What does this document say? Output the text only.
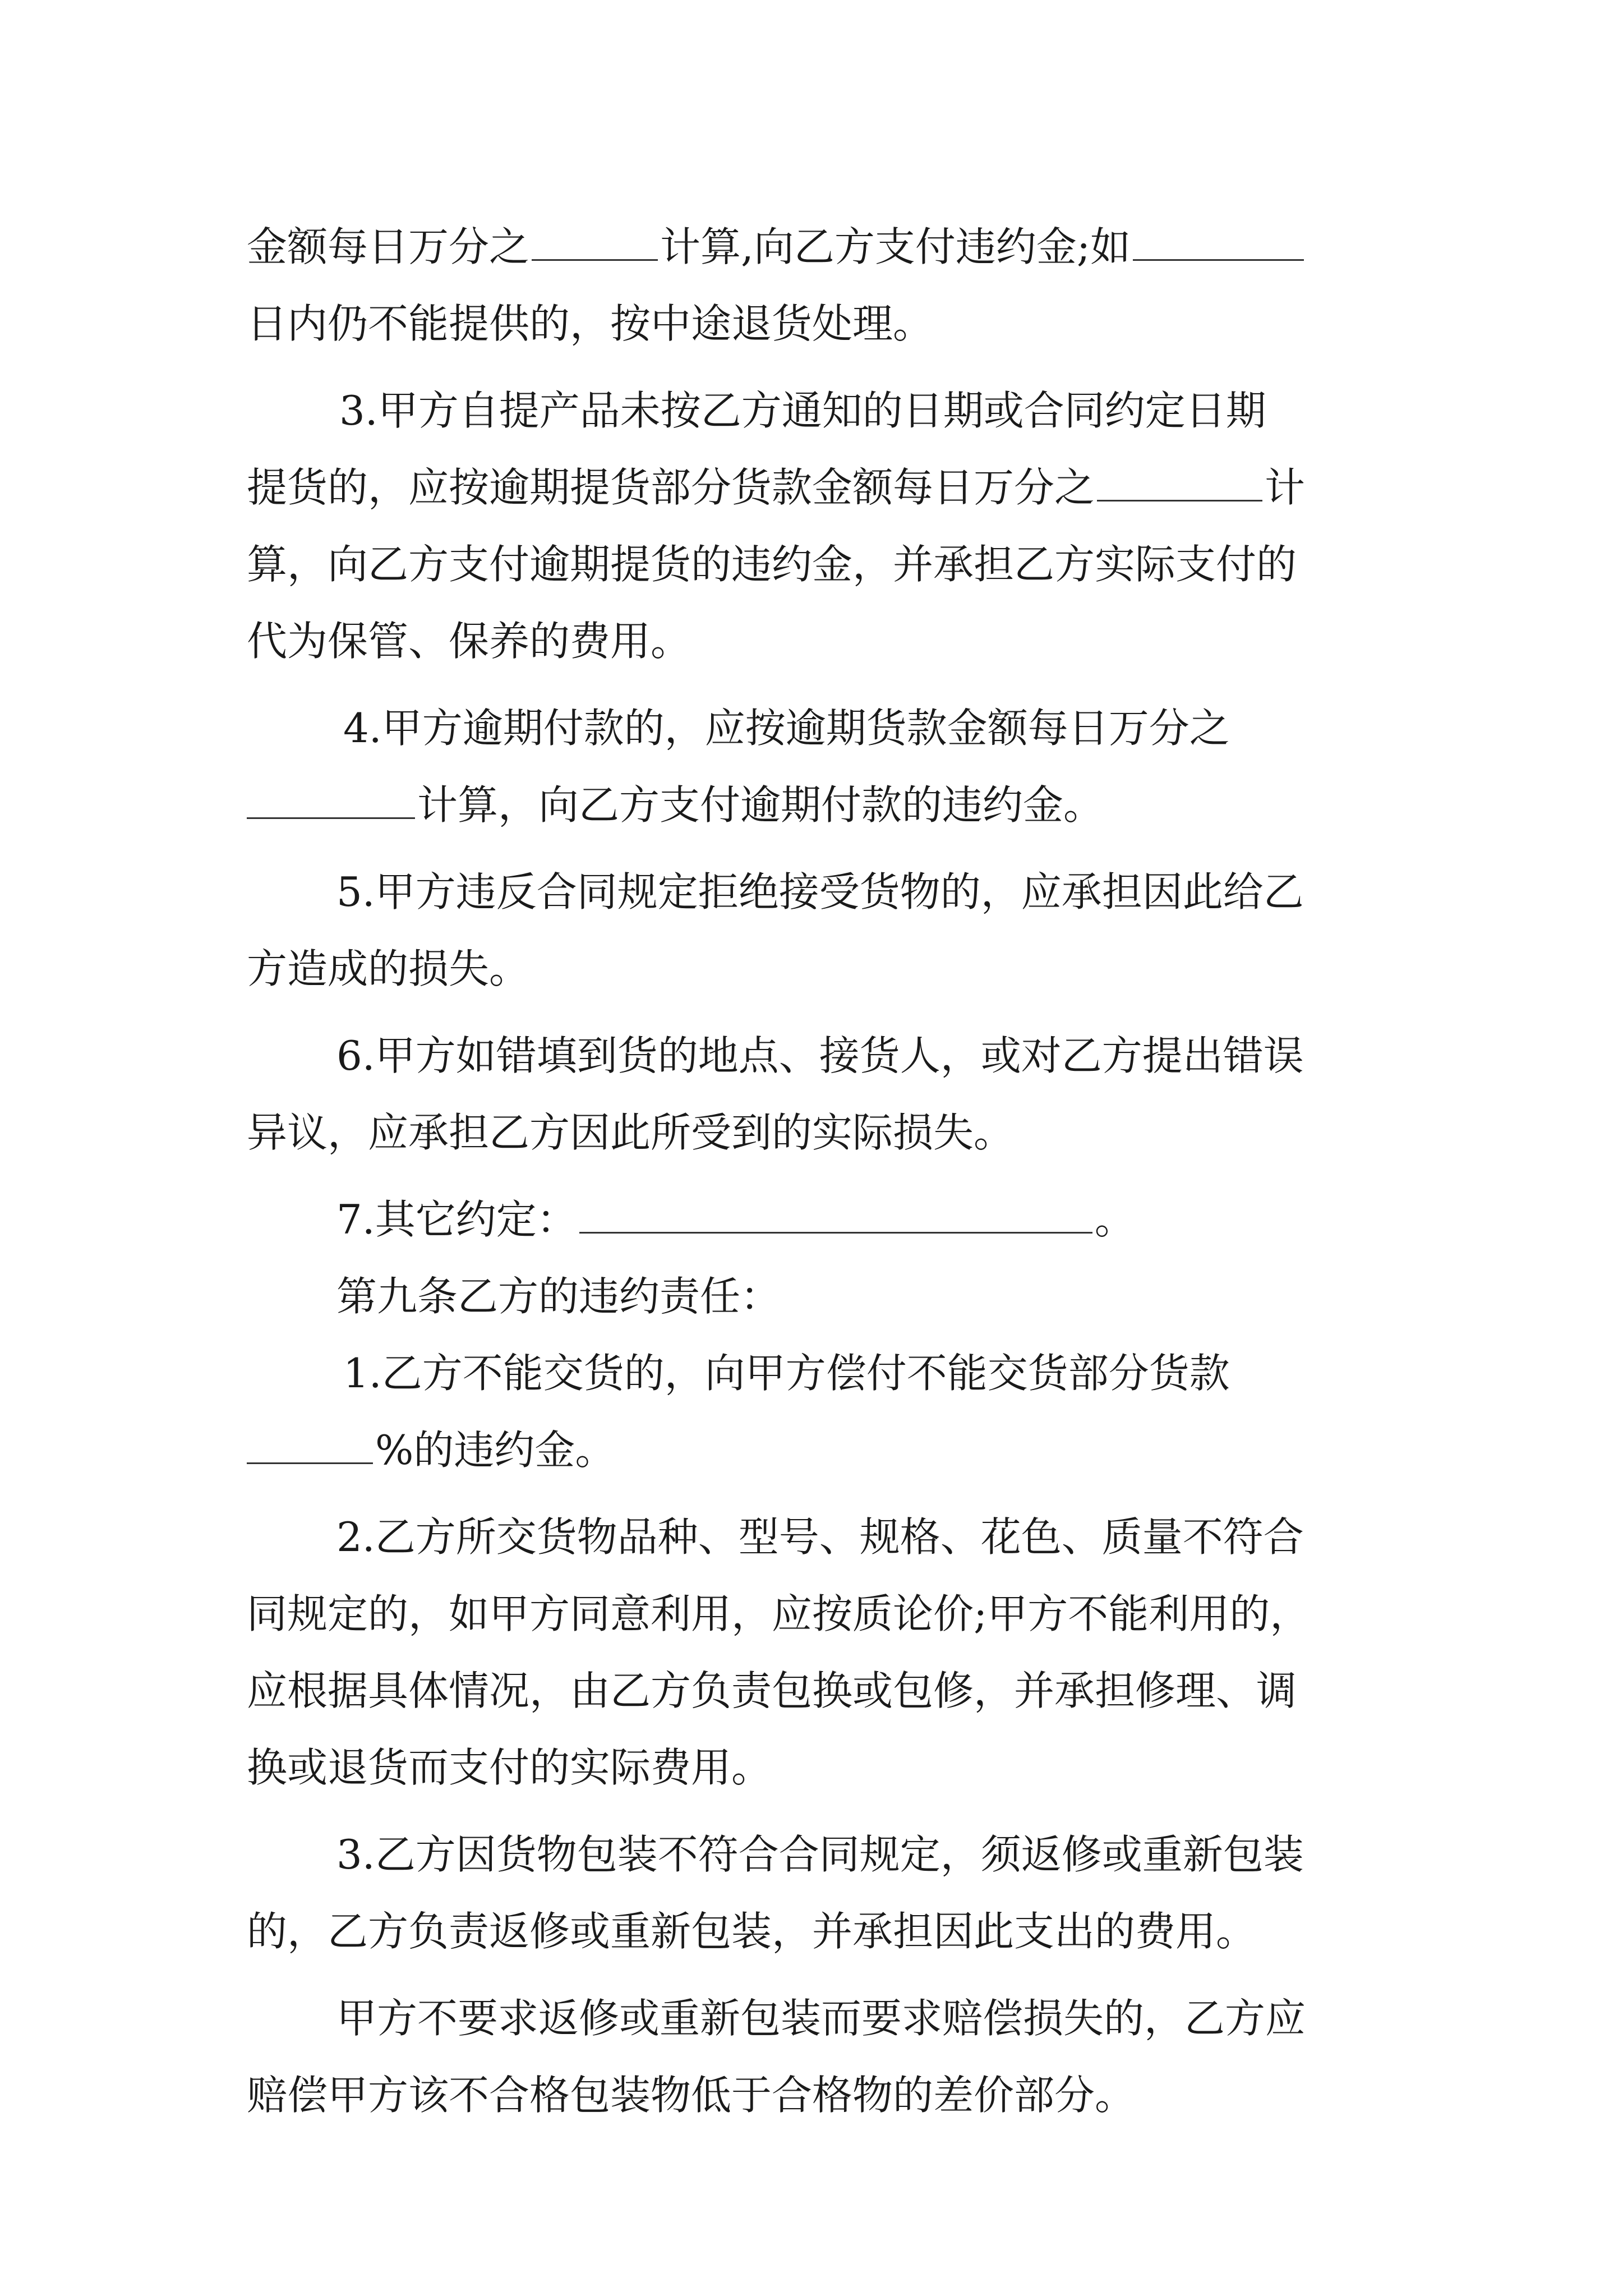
金额每日万分之	计算,向乙方支付违约金;如
日内仍不能提供的，按中途退货处理。
3.甲方自提产品未按乙方通知的日期或合同约定日期
提货的，应按逾期提货部分货款金额每日万分之	计
算，向乙方支付逾期提货的违约金，并承担乙方实际支付的
代为保管、保养的费用。
4.甲方逾期付款的，应按逾期货款金额每日万分之
计算，向乙方支付逾期付款的违约金。
5.甲方违反合同规定拒绝接受货物的，应承担因此给乙
方造成的损失。
6.甲方如错填到货的地点、接货人，或对乙方提出错误
异议，应承担乙方因此所受到的实际损失。
7.其它约定：	。
第九条乙方的违约责任：
1.乙方不能交货的，向甲方偿付不能交货部分货款
%的违约金。
2.乙方所交货物品种、型号、规格、花色、质量不符合
同规定的，如甲方同意利用，应按质论价;甲方不能利用的，
应根据具体情况，由乙方负责包换或包修，并承担修理、调
换或退货而支付的实际费用。
3.乙方因货物包装不符合合同规定，须返修或重新包装
的，乙方负责返修或重新包装，并承担因此支出的费用。
甲方不要求返修或重新包装而要求赔偿损失的，乙方应
赔偿甲方该不合格包装物低于合格物的差价部分。
